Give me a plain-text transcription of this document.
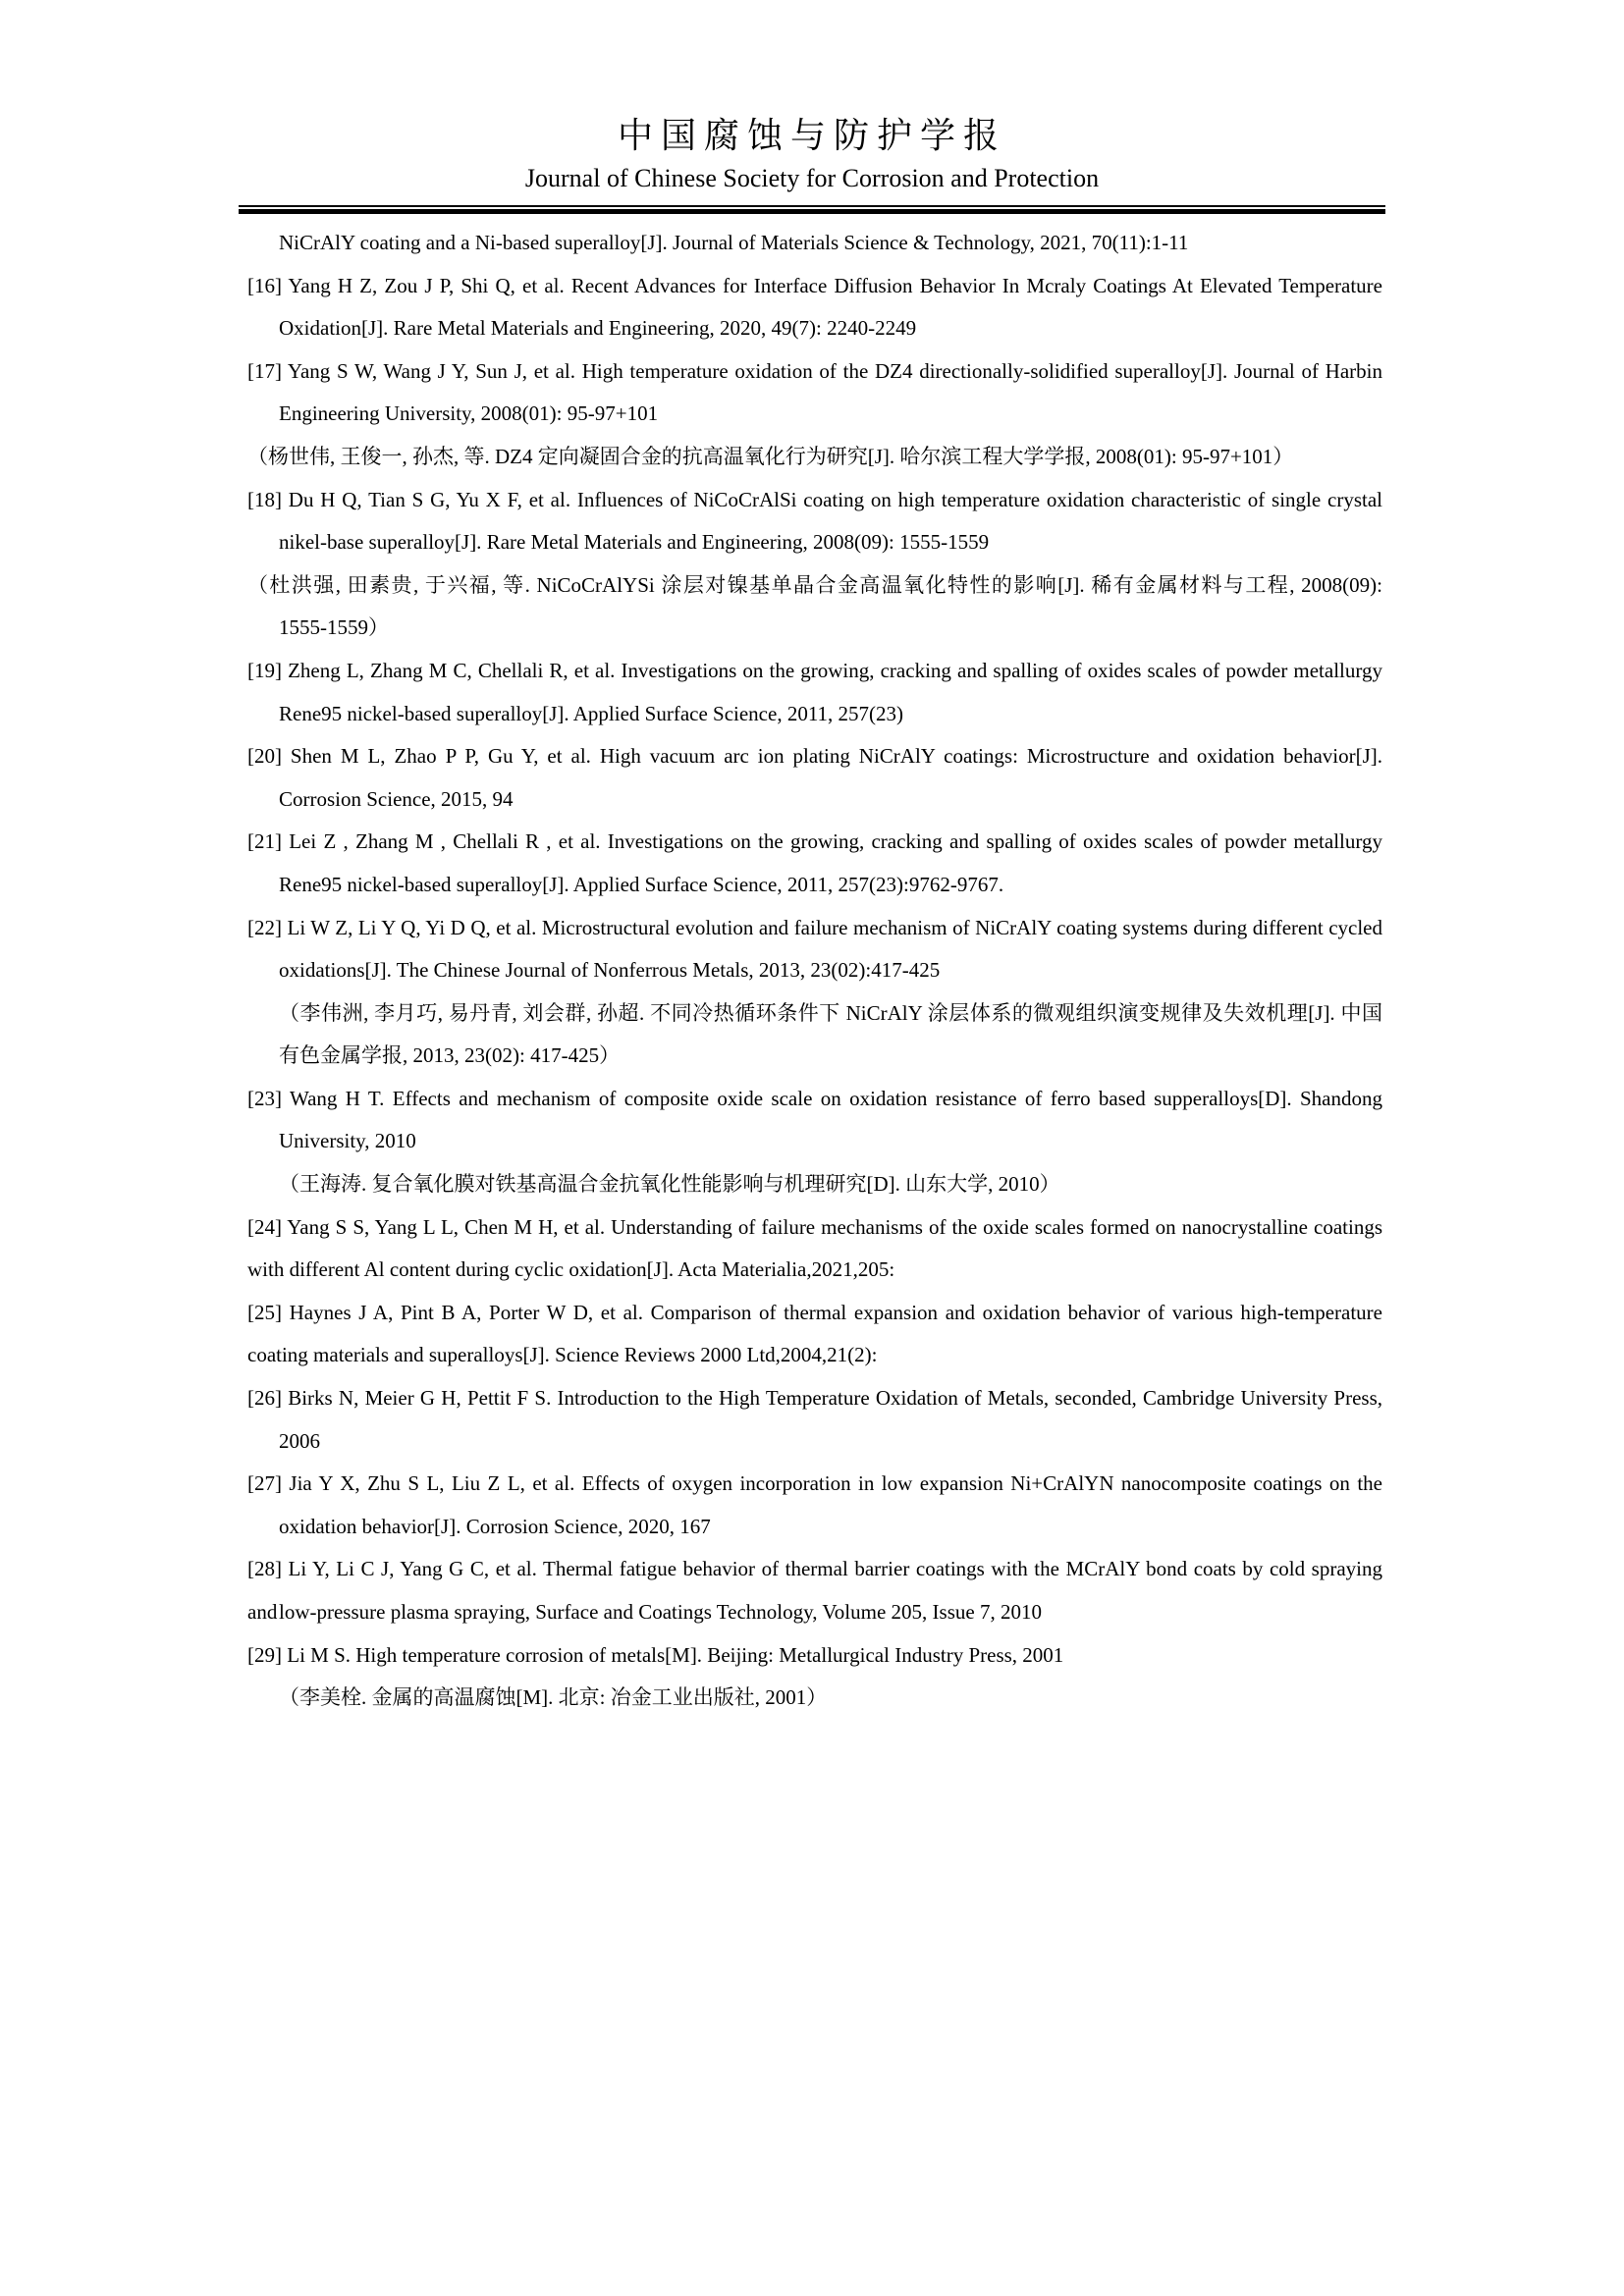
中国腐蚀与防护学报
Journal of Chinese Society for Corrosion and Protection
NiCrAlY coating and a Ni-based superalloy[J]. Journal of Materials Science & Technology, 2021, 70(11):1-11
[16] Yang H Z, Zou J P, Shi Q, et al. Recent Advances for Interface Diffusion Behavior In Mcraly Coatings At Elevated Temperature
Oxidation[J]. Rare Metal Materials and Engineering, 2020, 49(7): 2240-2249
[17] Yang S W, Wang J Y, Sun J, et al. High temperature oxidation of the DZ4 directionally-solidified superalloy[J]. Journal of Harbin
Engineering University, 2008(01): 95-97+101
（杨世伟, 王俊一, 孙杰, 等. DZ4 定向凝固合金的抗高温氧化行为研究[J]. 哈尔滨工程大学学报, 2008(01): 95-97+101）
[18] Du H Q, Tian S G, Yu X F, et al. Influences of NiCoCrAlSi coating on high temperature oxidation characteristic of single crystal
nikel-base superalloy[J]. Rare Metal Materials and Engineering, 2008(09): 1555-1559
（杜洪强, 田素贵, 于兴福, 等. NiCoCrAlYSi 涂层对镍基单晶合金高温氧化特性的影响[J]. 稀有金属材料与工程, 2008(09):
1555-1559）
[19] Zheng L, Zhang M C, Chellali R, et al. Investigations on the growing, cracking and spalling of oxides scales of powder metallurgy
Rene95 nickel-based superalloy[J]. Applied Surface Science, 2011, 257(23)
[20] Shen M L, Zhao P P, Gu Y, et al. High vacuum arc ion plating NiCrAlY coatings: Microstructure and oxidation behavior[J].
Corrosion Science, 2015, 94
[21] Lei Z , Zhang M , Chellali R , et al. Investigations on the growing, cracking and spalling of oxides scales of powder metallurgy
Rene95 nickel-based superalloy[J]. Applied Surface Science, 2011, 257(23):9762-9767.
[22] Li W Z, Li Y Q, Yi D Q, et al. Microstructural evolution and failure mechanism of NiCrAlY coating systems during different cycled
oxidations[J]. The Chinese Journal of Nonferrous Metals, 2013, 23(02):417-425
（李伟洲, 李月巧, 易丹青, 刘会群, 孙超. 不同冷热循环条件下 NiCrAlY 涂层体系的微观组织演变规律及失效机理[J]. 中国
有色金属学报, 2013, 23(02): 417-425）
[23] Wang H T. Effects and mechanism of composite oxide scale on oxidation resistance of ferro based supperalloys[D]. Shandong
University, 2010
（王海涛. 复合氧化膜对铁基高温合金抗氧化性能影响与机理研究[D]. 山东大学, 2010）
[24] Yang S S, Yang L L, Chen M H, et al. Understanding of failure mechanisms of the oxide scales formed on nanocrystalline coatings
with different Al content during cyclic oxidation[J]. Acta Materialia,2021,205:
[25] Haynes J A, Pint B A, Porter W D, et al. Comparison of thermal expansion and oxidation behavior of various high-temperature
coating materials and superalloys[J]. Science Reviews 2000 Ltd,2004,21(2):
[26] Birks N, Meier G H, Pettit F S. Introduction to the High Temperature Oxidation of Metals, seconded, Cambridge University Press,
2006
[27] Jia Y X, Zhu S L, Liu Z L, et al. Effects of oxygen incorporation in low expansion Ni+CrAlYN nanocomposite coatings on the
oxidation behavior[J]. Corrosion Science, 2020, 167
[28] Li Y, Li C J, Yang G C, et al. Thermal fatigue behavior of thermal barrier coatings with the MCrAlY bond coats by cold spraying and low-pressure plasma spraying, Surface and Coatings Technology, Volume 205, Issue 7, 2010
[29] Li M S. High temperature corrosion of metals[M]. Beijing: Metallurgical Industry Press, 2001
（李美栓. 金属的高温腐蚀[M]. 北京: 冶金工业出版社, 2001）
